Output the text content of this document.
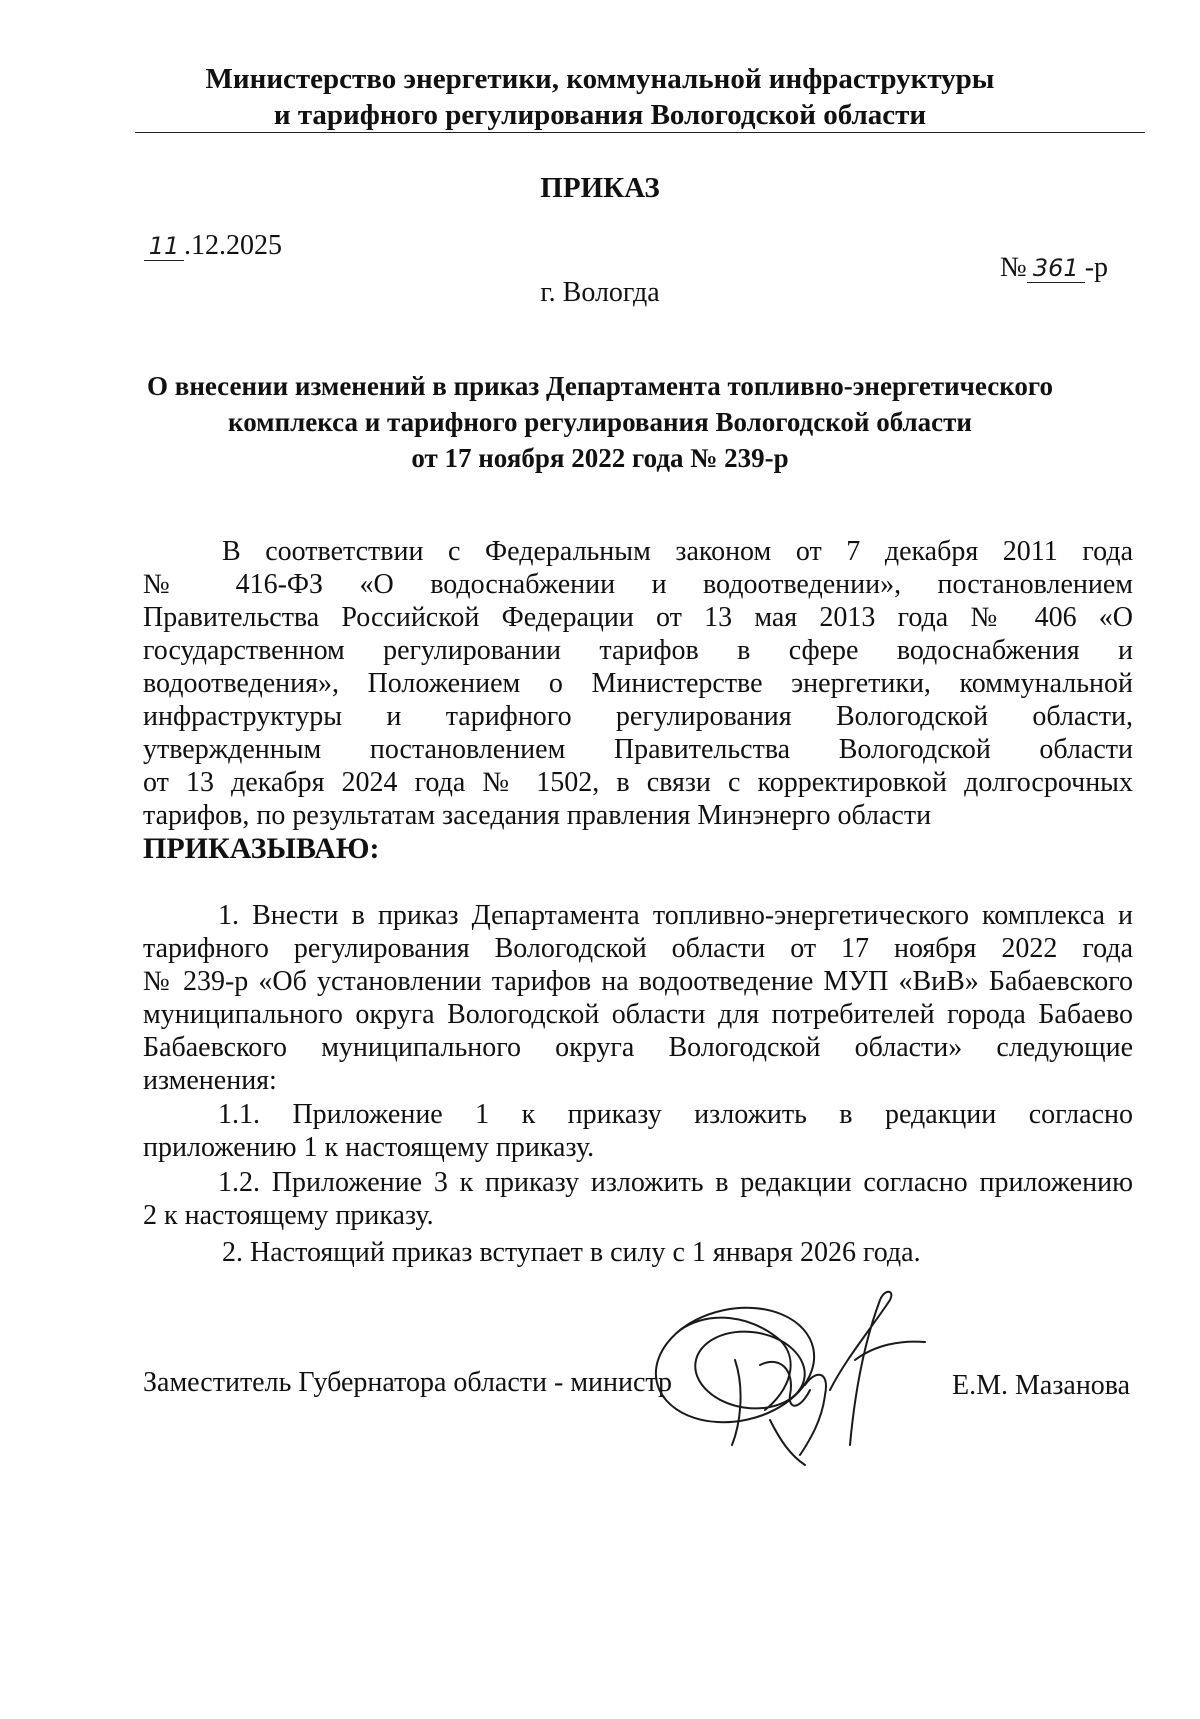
Министерство энергетики, коммунальной инфраструктуры
и тарифного регулирования Вологодской области
ПРИКАЗ
11 .12.2025
№ 361 -р
г. Вологда
О внесении изменений в приказ Департамента топливно-энергетического
комплекса и тарифного регулирования Вологодской области
от 17 ноября 2022 года № 239-р
В соответствии с Федеральным законом от 7 декабря 2011 года
№ 416-ФЗ «О водоснабжении и водоотведении», постановлением
Правительства Российской Федерации от 13 мая 2013 года № 406 «О
государственном регулировании тарифов в сфере водоснабжения и
водоотведения», Положением о Министерстве энергетики, коммунальной
инфраструктуры и тарифного регулирования Вологодской области,
утвержденным постановлением Правительства Вологодской области
от 13 декабря 2024 года № 1502, в связи с корректировкой долгосрочных
тарифов, по результатам заседания правления Минэнерго области
ПРИКАЗЫВАЮ:
1. Внести в приказ Департамента топливно-энергетического комплекса и
тарифного регулирования Вологодской области от 17 ноября 2022 года
№ 239-р «Об установлении тарифов на водоотведение МУП «ВиВ» Бабаевского
муниципального округа Вологодской области для потребителей города Бабаево
Бабаевского муниципального округа Вологодской области» следующие
изменения:
1.1. Приложение 1 к приказу изложить в редакции согласно
приложению 1 к настоящему приказу.
1.2. Приложение 3 к приказу изложить в редакции согласно приложению
2 к настоящему приказу.
2. Настоящий приказ вступает в силу с 1 января 2026 года.
Заместитель Губернатора области - министр	Е.М. Мазанова
